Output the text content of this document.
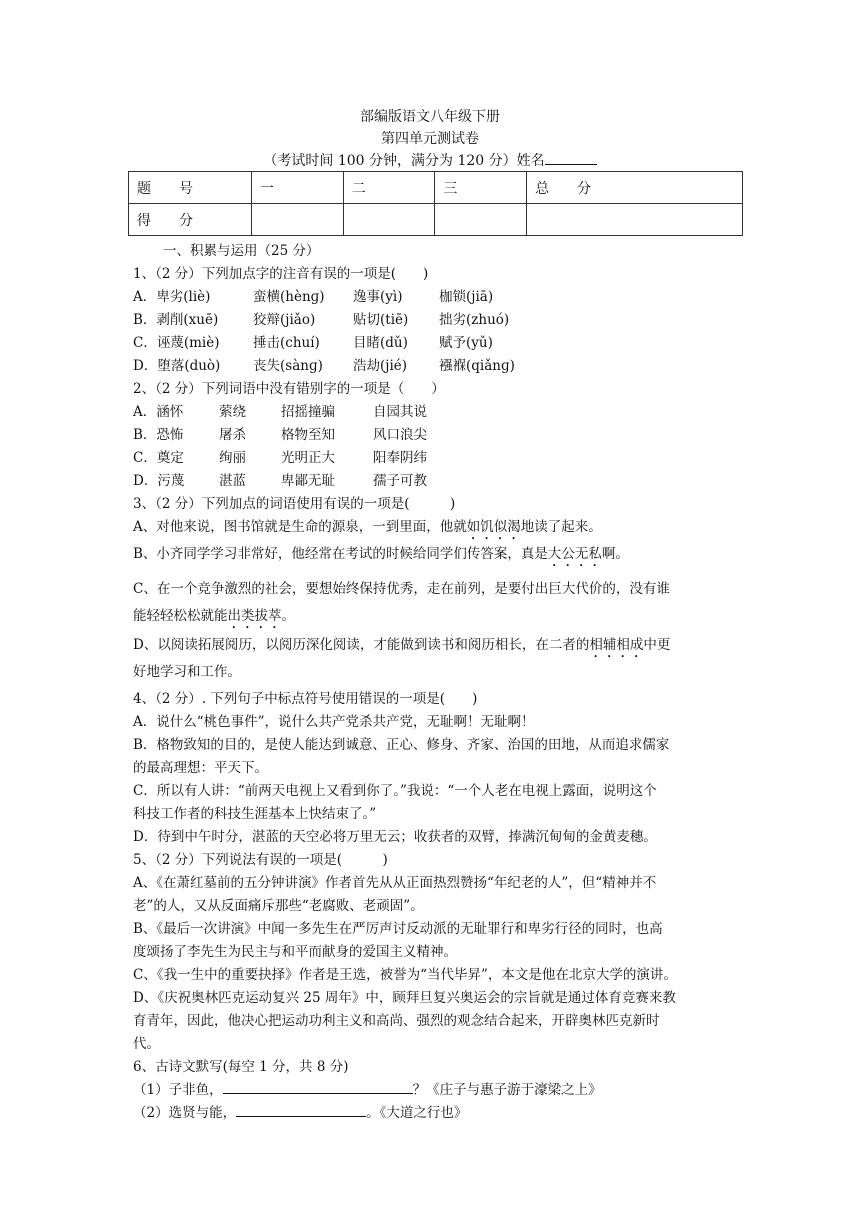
部编版语文八年级下册
第四单元测试卷
（考试时间 100 分钟，满分为 120 分）姓名
题　　号	一	二	三	总　　分
得　　分				
一、积累与运用（25 分）
1、（2 分）下列加点字的注音有误的一项是(　　)
A．卑劣(liè)	蛮横(hènɡ) 逸事(yì)	枷锁(jiā)
B．剥削(xuē)	狡辩(jiǎo)	贴切(tiē) 拙劣(zhuó)
C．诬蔑(miè) 捶击(chuí) 目睹(dǔ) 赋予(yǔ)
D．堕落(duò) 丧失(sànɡ) 浩劫(jié) 襁褓(qiǎnɡ)
2、（2 分）下列词语中没有错别字的一项是（　　）
A．涵怀	萦绕	招摇撞骗	自园其说
B．恐怖	屠杀	格物至知	风口浪尖
C．奠定	绚丽	光明正大	阳奉阴纬
D．污蔑	湛蓝	卑鄙无耻	孺子可教
3、（2 分）下列加点的词语使用有误的一项是(　　　)
A、对他来说，图书馆就是生命的源泉，一到里面，他就如饥似渴地读了起来。
B、小齐同学学习非常好，他经常在考试的时候给同学们传答案，真是大公无私啊。
C、在一个竞争激烈的社会，要想始终保持优秀，走在前列，是要付出巨大代价的，没有谁
能轻轻松松就能出类拔萃。
D、以阅读拓展阅历，以阅历深化阅读，才能做到读书和阅历相长，在二者的相辅相成中更
好地学习和工作。
4、（2 分）. 下列句子中标点符号使用错误的一项是(　　)
A．说什么“桃色事件”，说什么共产党杀共产党，无耻啊！无耻啊！
B．格物致知的目的，是使人能达到诚意、正心、修身、齐家、治国的田地，从而追求儒家
的最高理想：平天下。
C．所以有人讲：“前两天电视上又看到你了。”我说：“一个人老在电视上露面，说明这个
科技工作者的科技生涯基本上快结束了。”
D．待到中午时分，湛蓝的天空必将万里无云；收获者的双臂，捧满沉甸甸的金黄麦穗。
5、（2 分）下列说法有误的一项是(　　　)
A、《在萧红墓前的五分钟讲演》作者首先从从正面热烈赞扬“年纪老的人”，但“精神并不
老”的人，又从反面痛斥那些“老腐败、老顽固”。
B、《最后一次讲演》中闻一多先生在严厉声讨反动派的无耻罪行和卑劣行径的同时，也高
度颂扬了李先生为民主与和平而献身的爱国主义精神。
C、《我一生中的重要抉择》作者是王选，被誉为“当代毕昇”，本文是他在北京大学的演讲。
D、《庆祝奥林匹克运动复兴 25 周年》中，顾拜旦复兴奥运会的宗旨就是通过体育竞赛来教
育青年，因此，他决心把运动功利主义和高尚、强烈的观念结合起来，开辟奥林匹克新时
代。
6、古诗文默写(每空 1 分，共 8 分)
（1）子非鱼，	？《庄子与惠子游于濠梁之上》
（2）选贤与能，	。《大道之行也》
